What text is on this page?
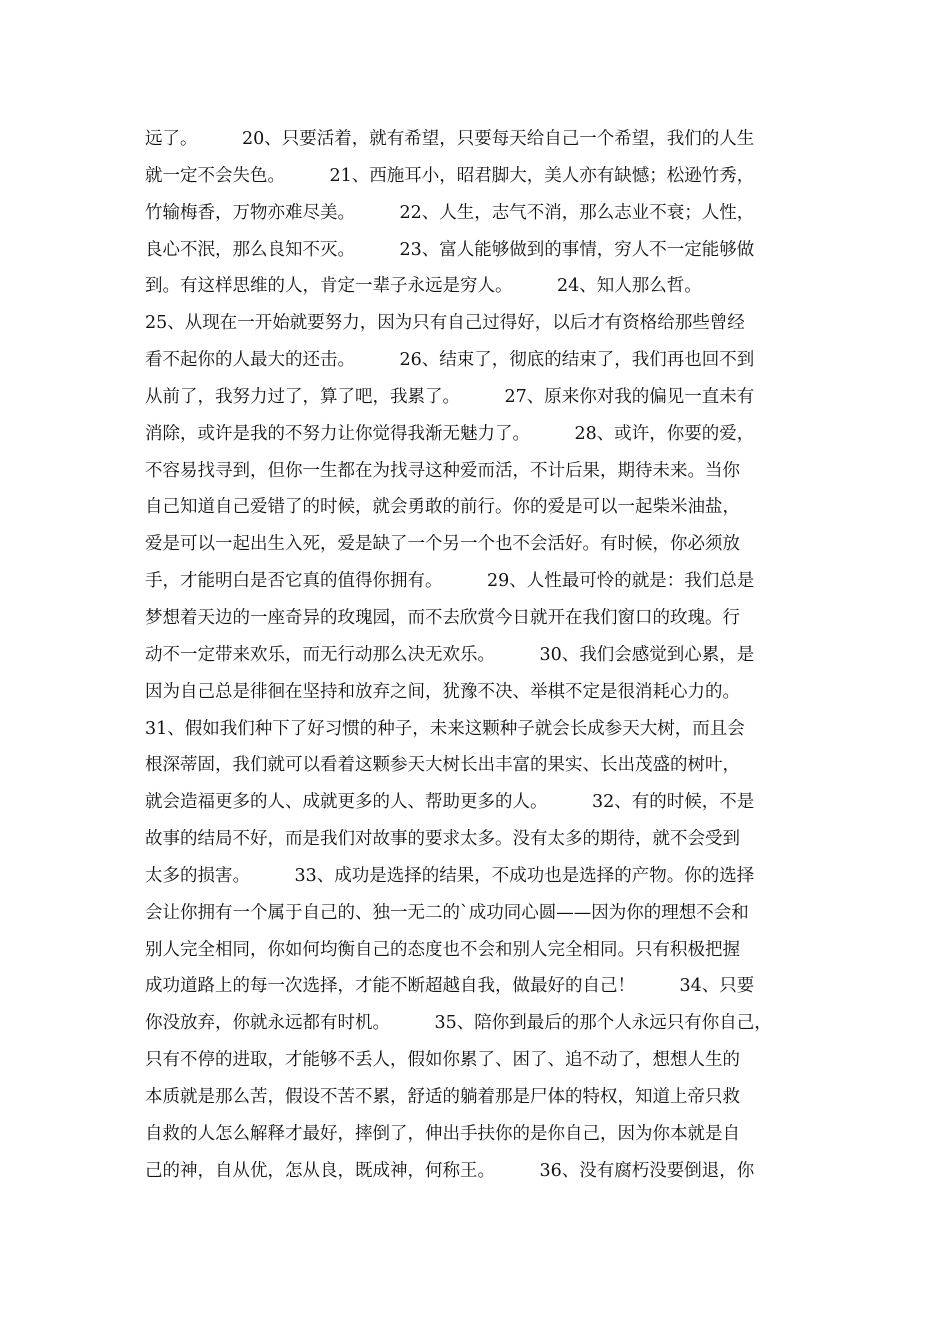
远了。        20、只要活着，就有希望，只要每天给自己一个希望，我们的人生
就一定不会失色。        21、西施耳小，昭君脚大，美人亦有缺憾；松逊竹秀，
竹输梅香，万物亦难尽美。        22、人生，志气不消，那么志业不衰；人性，
良心不泯，那么良知不灭。        23、富人能够做到的事情，穷人不一定能够做
到。有这样思维的人，肯定一辈子永远是穷人。        24、知人那么哲。
25、从现在一开始就要努力，因为只有自己过得好，以后才有资格给那些曾经
看不起你的人最大的还击。        26、结束了，彻底的结束了，我们再也回不到
从前了，我努力过了，算了吧，我累了。        27、原来你对我的偏见一直未有
消除，或许是我的不努力让你觉得我渐无魅力了。        28、或许，你要的爱，
不容易找寻到，但你一生都在为找寻这种爱而活，不计后果，期待未来。当你
自己知道自己爱错了的时候，就会勇敢的前行。你的爱是可以一起柴米油盐，
爱是可以一起出生入死，爱是缺了一个另一个也不会活好。有时候，你必须放
手，才能明白是否它真的值得你拥有。        29、人性最可怜的就是：我们总是
梦想着天边的一座奇异的玫瑰园，而不去欣赏今日就开在我们窗口的玫瑰。行
动不一定带来欢乐，而无行动那么决无欢乐。        30、我们会感觉到心累，是
因为自己总是徘徊在坚持和放弃之间，犹豫不决、举棋不定是很消耗心力的。
31、假如我们种下了好习惯的种子，未来这颗种子就会长成参天大树，而且会
根深蒂固，我们就可以看着这颗参天大树长出丰富的果实、长出茂盛的树叶，
就会造福更多的人、成就更多的人、帮助更多的人。        32、有的时候，不是
故事的结局不好，而是我们对故事的要求太多。没有太多的期待，就不会受到
太多的损害。        33、成功是选择的结果，不成功也是选择的产物。你的选择
会让你拥有一个属于自己的、独一无二的`成功同心圆——因为你的理想不会和
别人完全相同，你如何均衡自己的态度也不会和别人完全相同。只有积极把握
成功道路上的每一次选择，才能不断超越自我，做最好的自己！        34、只要
你没放弃，你就永远都有时机。        35、陪你到最后的那个人永远只有你自己，
只有不停的进取，才能够不丢人，假如你累了、困了、追不动了，想想人生的
本质就是那么苦，假设不苦不累，舒适的躺着那是尸体的特权，知道上帝只救
自救的人怎么解释才最好，摔倒了，伸出手扶你的是你自己，因为你本就是自
己的神，自从优，怎从良，既成神，何称王。        36、没有腐朽没要倒退，你
